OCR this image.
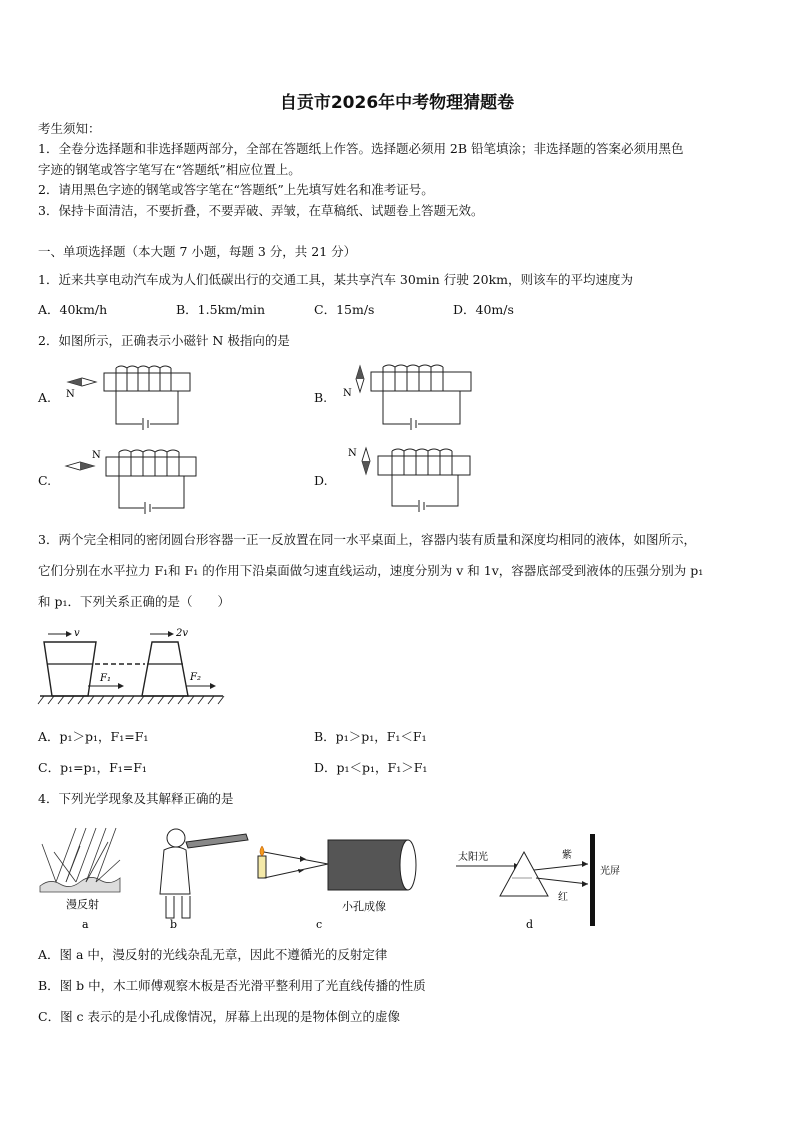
自贡市2026年中考物理猜题卷
考生须知：
1．全卷分选择题和非选择题两部分，全部在答题纸上作答。选择题必须用 2B 铅笔填涂；非选择题的答案必须用黑色
字迹的钢笔或答字笔写在“答题纸”相应位置上。
2．请用黑色字迹的钢笔或答字笔在“答题纸”上先填写姓名和准考证号。
3．保持卡面清洁，不要折叠，不要弄破、弄皱，在草稿纸、试题卷上答题无效。
一、单项选择题（本大题 7 小题，每题 3 分，共 21 分）
1．近来共享电动汽车成为人们低碳出行的交通工具，某共享汽车 30min 行驶 20km，则该车的平均速度为
A．40km/h	B．1.5km/min	C．15m/s	D．40m/s
2．如图所示，正确表示小磁针 N 极指向的是
A.	B.
C.	D.
N	N
N	N
3．两个完全相同的密闭圆台形容器一正一反放置在同一水平桌面上，容器内装有质量和深度均相同的液体，如图所示，
它们分别在水平拉力 F₁和 F₁ 的作用下沿桌面做匀速直线运动，速度分别为 v 和 1v，容器底部受到液体的压强分别为 p₁
和 p₁．下列关系正确的是（　　）
v	2v
F₁	F₂
A．p₁＞p₁，F₁=F₁	B．p₁＞p₁，F₁＜F₁
C．p₁=p₁，F₁=F₁	D．p₁＜p₁，F₁＞F₁
4．下列光学现象及其解释正确的是
漫反射
a	b
小孔成像
c
太阳光	紫
红
光屏
d
A．图 a 中，漫反射的光线杂乱无章，因此不遵循光的反射定律
B．图 b 中，木工师傅观察木板是否光滑平整利用了光直线传播的性质
C．图 c 表示的是小孔成像情况，屏幕上出现的是物体倒立的虚像
